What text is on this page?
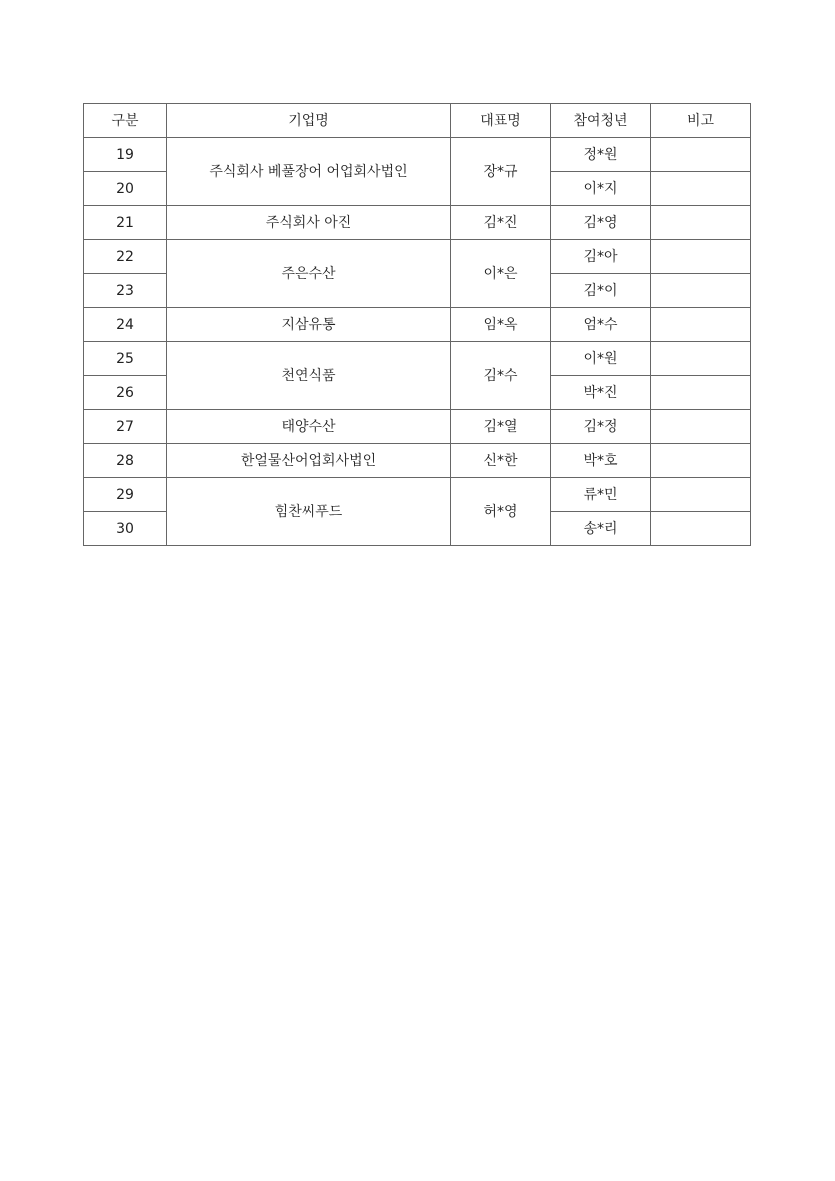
구분	기업명	대표명	참여청년	비고
19	주식회사 베풀장어 어업회사법인	장*규	정*원	
20			이*지	
21	주식회사 아진	김*진	김*영	
22	주은수산	이*은	김*아	
23			김*이	
24	지삼유통	임*옥	엄*수	
25	천연식품	김*수	이*원	
26			박*진	
27	태양수산	김*열	김*정	
28	한얼물산어업회사법인	신*한	박*호	
29	힘찬씨푸드	허*영	류*민	
30			송*리	
